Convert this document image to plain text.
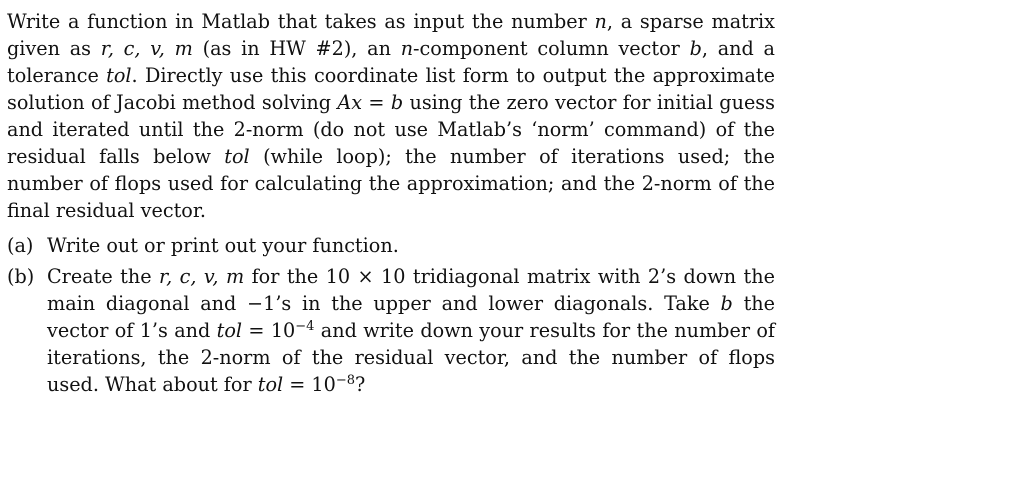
Write a function in Matlab that takes as input the number n, a sparse matrix given as r, c, v, m (as in HW #2), an n-component column vector b, and a tolerance tol. Directly use this coordinate list form to output the approximate solution of Jacobi method solving Ax = b using the zero vector for initial guess and iterated until the 2-norm (do not use Matlab’s ‘norm’ command) of the residual falls below tol (while loop); the number of iterations used; the number of flops used for calculating the approximation; and the 2-norm of the final residual vector.

(a) Write out or print out your function.
(b) Create the r, c, v, m for the 10 × 10 tridiagonal matrix with 2’s down the main diagonal and −1’s in the upper and lower diagonals. Take b the vector of 1’s and tol = $10^{-4}$ and write down your results for the number of iterations, the 2-norm of the residual vector, and the number of flops used. What about for tol = $10^{-8}$?
